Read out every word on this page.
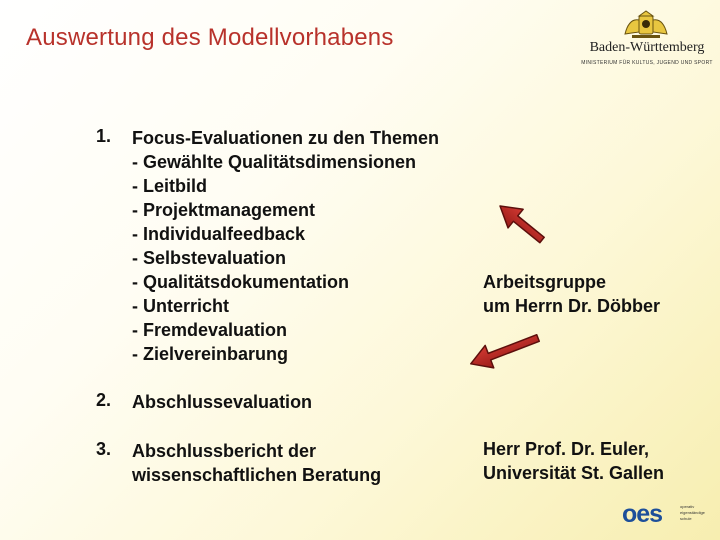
Auswertung des Modellvorhabens	Baden-Württemberg
MINISTERIUM FÜR KULTUS, JUGEND UND SPORT
1. Focus-Evaluationen zu den Themen
- Gewählte Qualitätsdimensionen
- Leitbild
- Projektmanagement
- Individualfeedback
- Selbstevaluation
- Qualitätsdokumentation
- Unterricht
- Fremdevaluation
- Zielvereinbarung
2. Abschlussevaluation
3. Abschlussbericht der
wissenschaftlichen Beratung
Arbeitsgruppe
um Herrn Dr. Döbber
Herr Prof. Dr. Euler,
Universität St. Gallen
oes	operativ eigenständige schule
